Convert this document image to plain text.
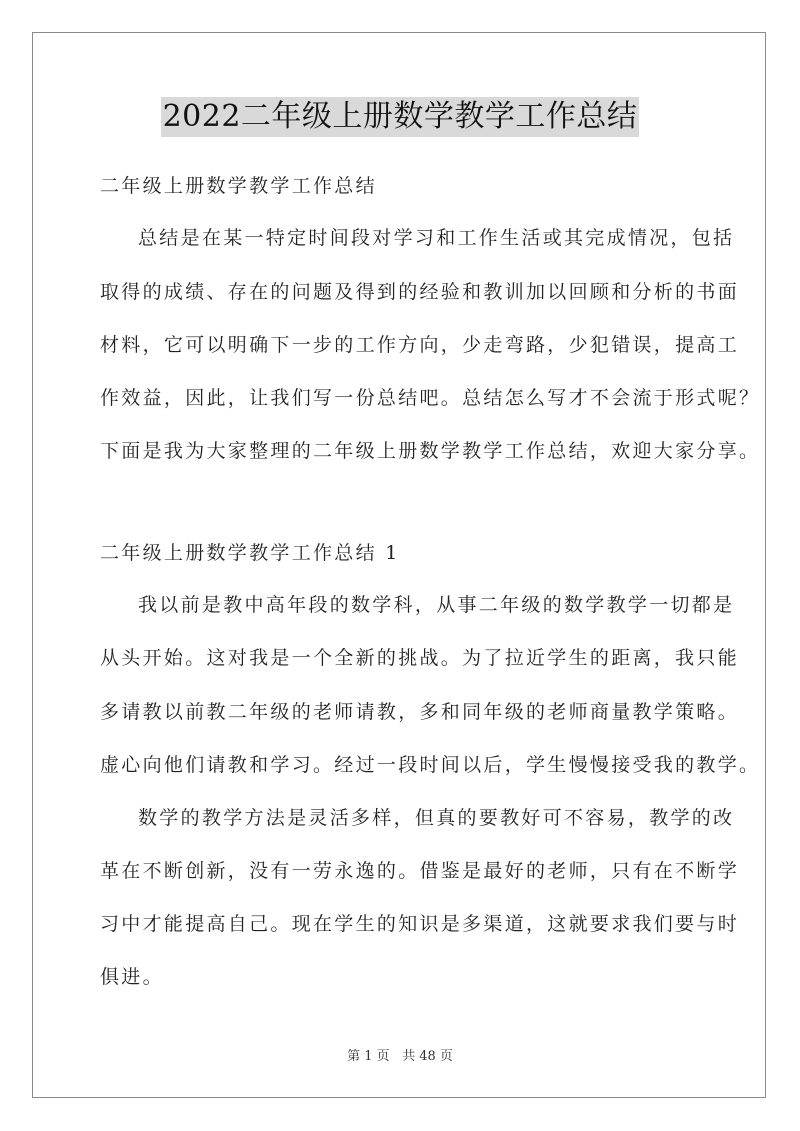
2022二年级上册数学教学工作总结
二年级上册数学教学工作总结
总结是在某一特定时间段对学习和工作生活或其完成情况，包括
取得的成绩、存在的问题及得到的经验和教训加以回顾和分析的书面
材料，它可以明确下一步的工作方向，少走弯路，少犯错误，提高工
作效益，因此，让我们写一份总结吧。总结怎么写才不会流于形式呢？
下面是我为大家整理的二年级上册数学教学工作总结，欢迎大家分享。
二年级上册数学教学工作总结 1
我以前是教中高年段的数学科，从事二年级的数学教学一切都是
从头开始。这对我是一个全新的挑战。为了拉近学生的距离，我只能
多请教以前教二年级的老师请教，多和同年级的老师商量教学策略。
虚心向他们请教和学习。经过一段时间以后，学生慢慢接受我的教学。
数学的教学方法是灵活多样，但真的要教好可不容易，教学的改
革在不断创新，没有一劳永逸的。借鉴是最好的老师，只有在不断学
习中才能提高自己。现在学生的知识是多渠道，这就要求我们要与时
俱进。
第 1 页 共 48 页
